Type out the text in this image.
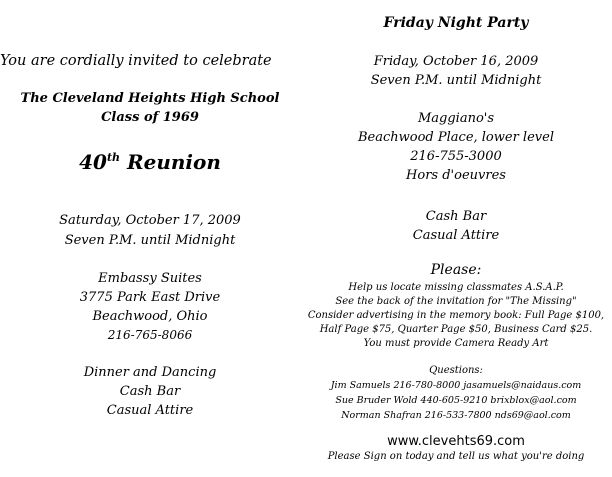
You are cordially invited to celebrate
The Cleveland Heights High School
Class of 1969
40th Reunion
Saturday, October 17, 2009
Seven P.M. until Midnight
Embassy Suites
3775 Park East Drive
Beachwood, Ohio
216-765-8066
Dinner and Dancing
Cash Bar
Casual Attire
Friday Night Party
Friday, October 16, 2009
Seven P.M. until Midnight
Maggiano's
Beachwood Place, lower level
216-755-3000
Hors d'oeuvres
Cash Bar
Casual Attire
Please:
Help us locate missing classmates A.S.A.P.
See the back of the invitation for "The Missing"
Consider advertising in the memory book: Full Page $100,
Half Page $75, Quarter Page $50, Business Card $25.
You must provide Camera Ready Art
Questions:
Jim Samuels 216-780-8000 jasamuels@naidaus.com
Sue Bruder Wold 440-605-9210 brixblox@aol.com
Norman Shafran 216-533-7800 nds69@aol.com
www.clevehts69.com
Please Sign on today and tell us what you're doing
